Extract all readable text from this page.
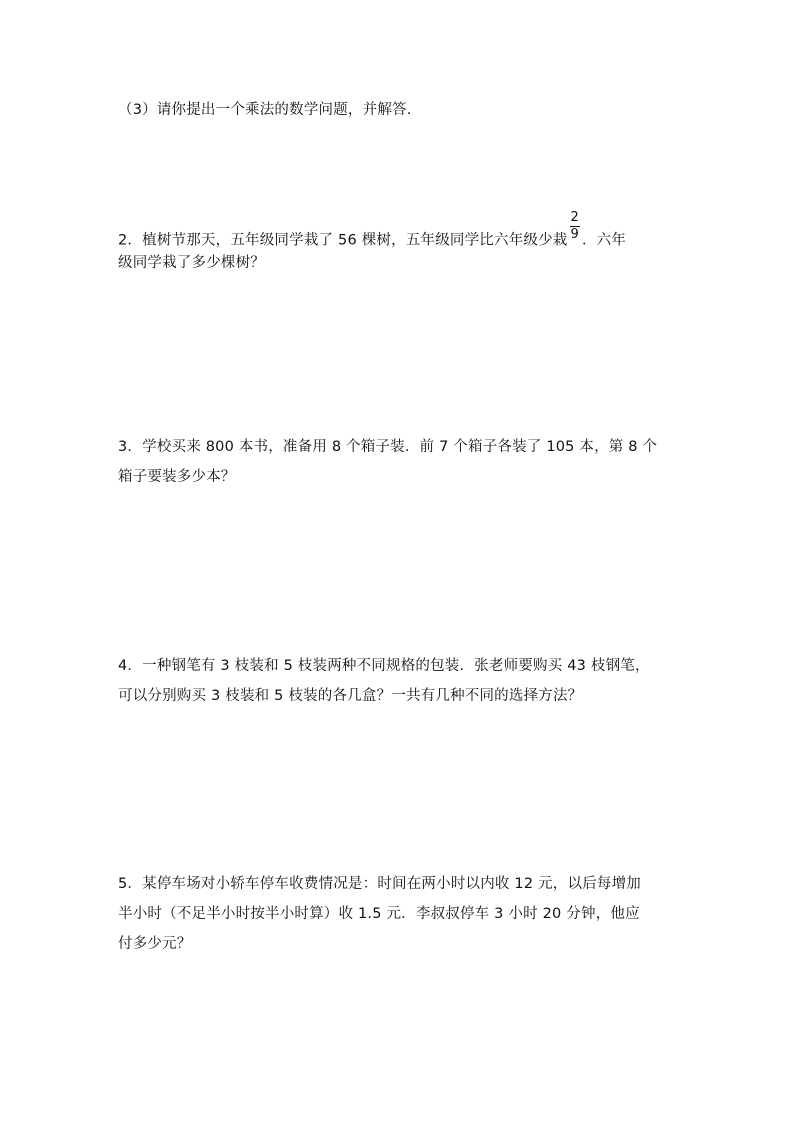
（3）请你提出一个乘法的数学问题，并解答.
2．植树节那天，五年级同学栽了 56 棵树，五年级同学比六年级少栽 $\frac{2}{9}$ ．六年
级同学栽了多少棵树？
3．学校买来 800 本书，准备用 8 个箱子装．前 7 个箱子各装了 105 本，第 8 个
箱子要装多少本？
4．一种钢笔有 3 枝装和 5 枝装两种不同规格的包装．张老师要购买 43 枝钢笔，
可以分别购买 3 枝装和 5 枝装的各几盒？一共有几种不同的选择方法？
5．某停车场对小轿车停车收费情况是：时间在两小时以内收 12 元，以后每增加
半小时（不足半小时按半小时算）收 1.5 元．李叔叔停车 3 小时 20 分钟，他应
付多少元？
